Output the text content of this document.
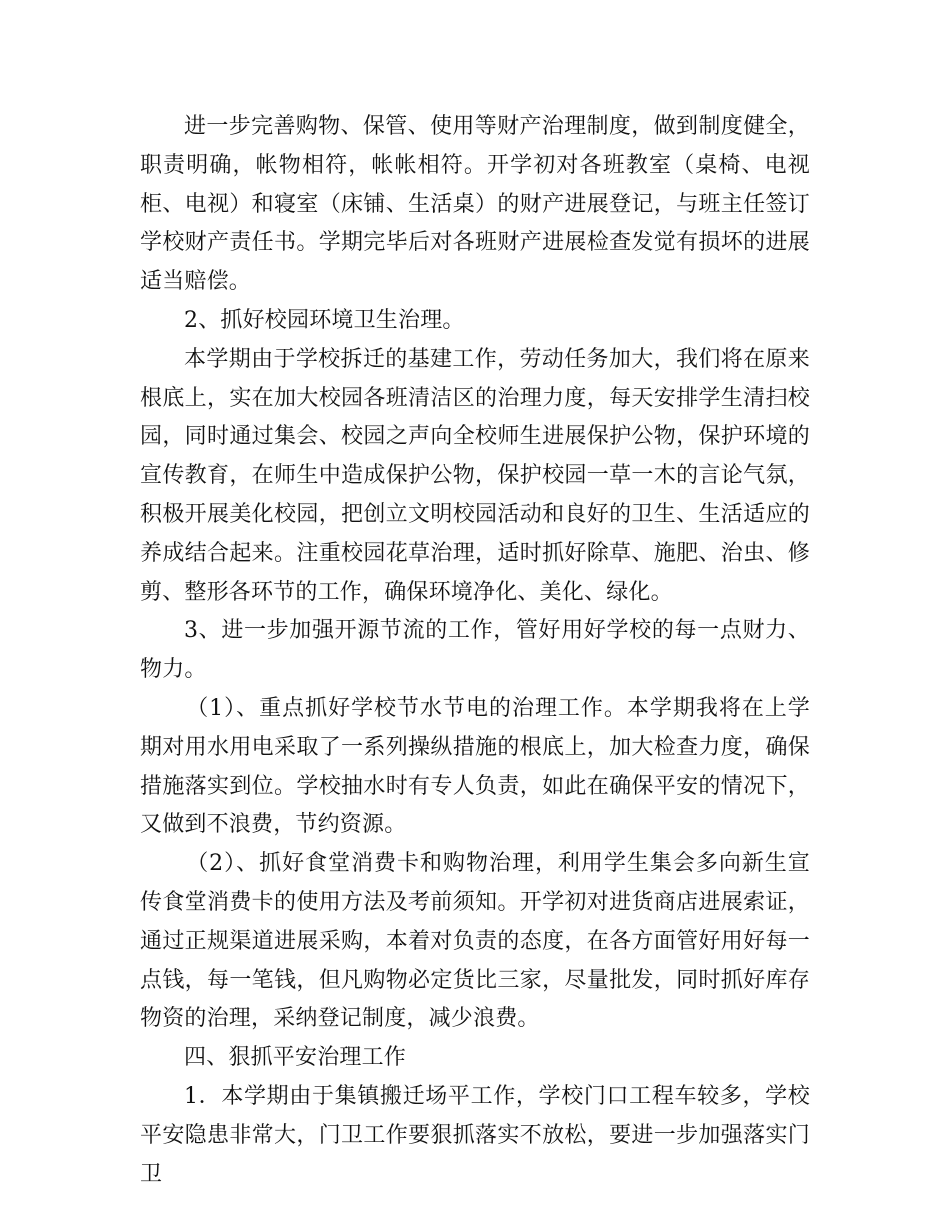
进一步完善购物、保管、使用等财产治理制度，做到制度健全，职责明确，帐物相符，帐帐相符。开学初对各班教室（桌椅、电视柜、电视）和寝室（床铺、生活桌）的财产进展登记，与班主任签订学校财产责任书。学期完毕后对各班财产进展检查发觉有损坏的进展适当赔偿。

2、抓好校园环境卫生治理。

本学期由于学校拆迁的基建工作，劳动任务加大，我们将在原来根底上，实在加大校园各班清洁区的治理力度，每天安排学生清扫校园，同时通过集会、校园之声向全校师生进展保护公物，保护环境的宣传教育，在师生中造成保护公物，保护校园一草一木的言论气氛，积极开展美化校园，把创立文明校园活动和良好的卫生、生活适应的养成结合起来。注重校园花草治理，适时抓好除草、施肥、治虫、修剪、整形各环节的工作，确保环境净化、美化、绿化。

3、进一步加强开源节流的工作，管好用好学校的每一点财力、物力。

（1）、重点抓好学校节水节电的治理工作。本学期我将在上学期对用水用电采取了一系列操纵措施的根底上，加大检查力度，确保措施落实到位。学校抽水时有专人负责，如此在确保平安的情况下，又做到不浪费，节约资源。

（2）、抓好食堂消费卡和购物治理，利用学生集会多向新生宣传食堂消费卡的使用方法及考前须知。开学初对进货商店进展索证，通过正规渠道进展采购，本着对负责的态度，在各方面管好用好每一点钱，每一笔钱，但凡购物必定货比三家，尽量批发，同时抓好库存物资的治理，采纳登记制度，减少浪费。

四、狠抓平安治理工作

1．本学期由于集镇搬迁场平工作，学校门口工程车较多，学校平安隐患非常大，门卫工作要狠抓落实不放松，要进一步加强落实门卫
